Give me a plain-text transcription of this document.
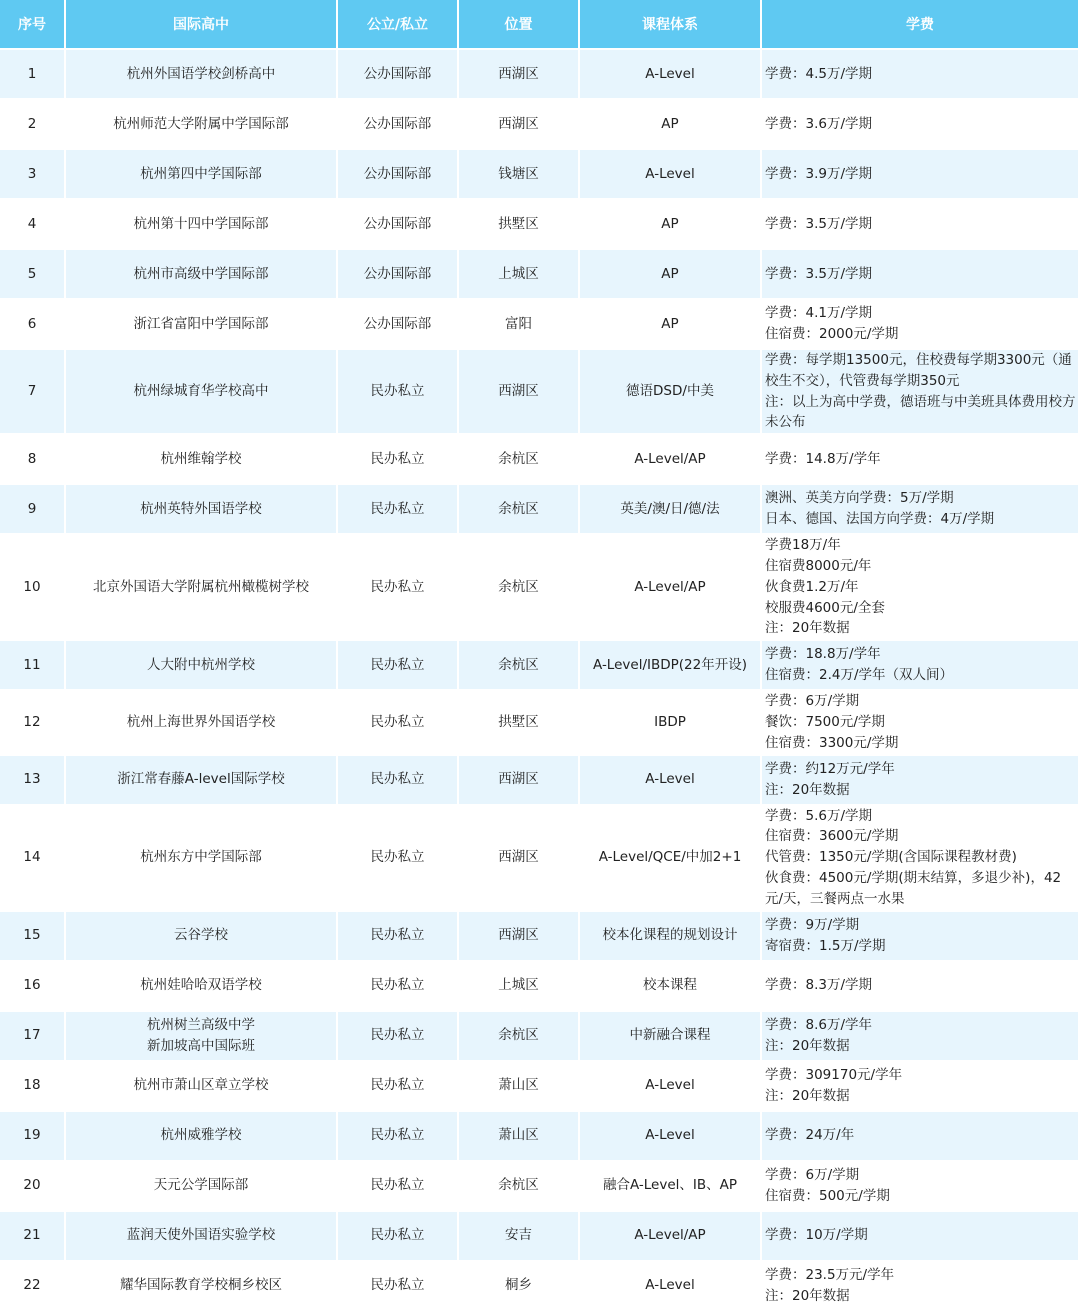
序号	国际高中	公立/私立	位置	课程体系	学费
1	杭州外国语学校剑桥高中	公办国际部	西湖区	A-Level	学费：4.5万/学期
2	杭州师范大学附属中学国际部	公办国际部	西湖区	AP	学费：3.6万/学期
3	杭州第四中学国际部	公办国际部	钱塘区	A-Level	学费：3.9万/学期
4	杭州第十四中学国际部	公办国际部	拱墅区	AP	学费：3.5万/学期
5	杭州市高级中学国际部	公办国际部	上城区	AP	学费：3.5万/学期
6	浙江省富阳中学国际部	公办国际部	富阳	AP	学费：4.1万/学期
住宿费：2000元/学期
7	杭州绿城育华学校高中	民办私立	西湖区	德语DSD/中美	学费：每学期13500元，住校费每学期3300元（通校生不交），代管费每学期350元
注：以上为高中学费，德语班与中美班具体费用校方未公布
8	杭州维翰学校	民办私立	余杭区	A-Level/AP	学费：14.8万/学年
9	杭州英特外国语学校	民办私立	余杭区	英美/澳/日/德/法	澳洲、英美方向学费：5万/学期
日本、德国、法国方向学费：4万/学期
10	北京外国语大学附属杭州橄榄树学校	民办私立	余杭区	A-Level/AP	学费18万/年
住宿费8000元/年
伙食费1.2万/年
校服费4600元/全套
注：20年数据
11	人大附中杭州学校	民办私立	余杭区	A-Level/IBDP(22年开设)	学费：18.8万/学年
住宿费：2.4万/学年（双人间）
12	杭州上海世界外国语学校	民办私立	拱墅区	IBDP	学费：6万/学期
餐饮：7500元/学期
住宿费：3300元/学期
13	浙江常春藤A-level国际学校	民办私立	西湖区	A-Level	学费：约12万元/学年
注：20年数据
14	杭州东方中学国际部	民办私立	西湖区	A-Level/QCE/中加2+1	学费：5.6万/学期
住宿费：3600元/学期
代管费：1350元/学期(含国际课程教材费)
伙食费：4500元/学期(期末结算，多退少补)，42元/天，三餐两点一水果
15	云谷学校	民办私立	西湖区	校本化课程的规划设计	学费：9万/学期
寄宿费：1.5万/学期
16	杭州娃哈哈双语学校	民办私立	上城区	校本课程	学费：8.3万/学期
17	杭州树兰高级中学
新加坡高中国际班	民办私立	余杭区	中新融合课程	学费：8.6万/学年
注：20年数据
18	杭州市萧山区章立学校	民办私立	萧山区	A-Level	学费：309170元/学年
注：20年数据
19	杭州威雅学校	民办私立	萧山区	A-Level	学费：24万/年
20	天元公学国际部	民办私立	余杭区	融合A-Level、IB、AP	学费：6万/学期
住宿费：500元/学期
21	蓝润天使外国语实验学校	民办私立	安吉	A-Level/AP	学费：10万/学期
22	耀华国际教育学校桐乡校区	民办私立	桐乡	A-Level	学费：23.5万元/学年
注：20年数据
